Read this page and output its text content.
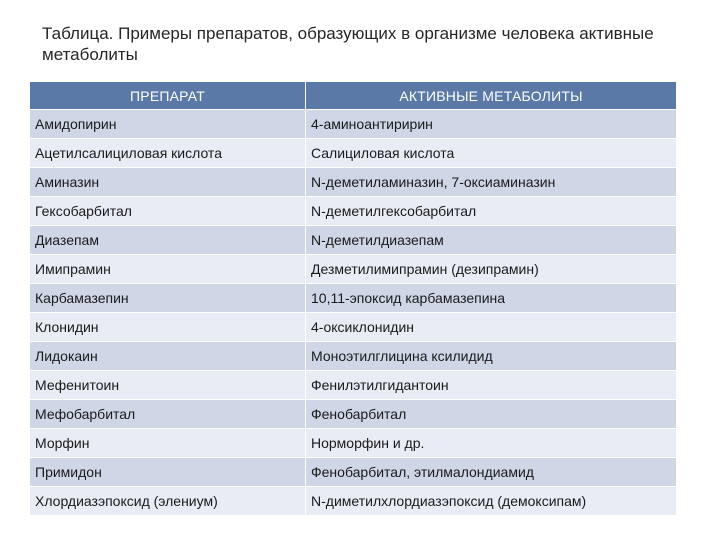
Таблица. Примеры препаратов, образующих в организме человека активные метаболиты
ПРЕПАРАТ	АКТИВНЫЕ МЕТАБОЛИТЫ
Амидопирин	4-аминоантиририн
Ацетилсалициловая кислота	Салициловая кислота
Аминазин	N-деметиламиназин, 7-оксиаминазин
Гексобарбитал	N-деметилгексобарбитал
Диазепам	N-деметилдиазепам
Имипрамин	Дезметилимипрамин (дезипрамин)
Карбамазепин	10,11-эпоксид карбамазепина
Клонидин	4-оксиклонидин
Лидокаин	Моноэтилглицина ксилидид
Мефенитоин	Фенилэтилгидантоин
Мефобарбитал	Фенобарбитал
Морфин	Норморфин и др.
Примидон	Фенобарбитал, этилмалондиамид
Хлордиазэпоксид (элениум)	N-диметилхлордиазэпоксид (демоксипам)
